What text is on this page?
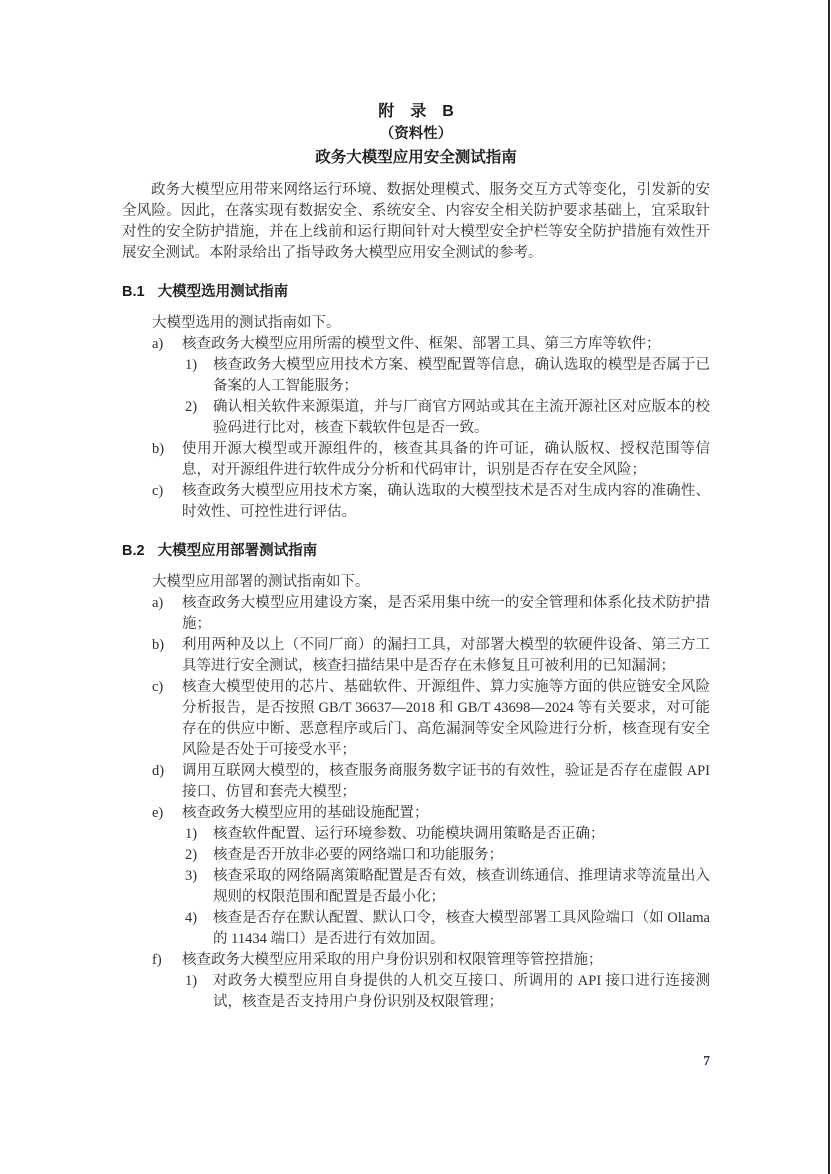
附　录　B
（资料性）
政务大模型应用安全测试指南

政务大模型应用带来网络运行环境、数据处理模式、服务交互方式等变化，引发新的安全风险。因此，在落实现有数据安全、系统安全、内容安全相关防护要求基础上，宜采取针对性的安全防护措施，并在上线前和运行期间针对大模型安全护栏等安全防护措施有效性开展安全测试。本附录给出了指导政务大模型应用安全测试的参考。

B.1 大模型选用测试指南

大模型选用的测试指南如下。

a)	核查政务大模型应用所需的模型文件、框架、部署工具、第三方库等软件；
1)	核查政务大模型应用技术方案、模型配置等信息，确认选取的模型是否属于已备案的人工智能服务；
2)	确认相关软件来源渠道，并与厂商官方网站或其在主流开源社区对应版本的校验码进行比对，核查下载软件包是否一致。
b)	使用开源大模型或开源组件的，核查其具备的许可证，确认版权、授权范围等信息，对开源组件进行软件成分分析和代码审计，识别是否存在安全风险；
c)	核查政务大模型应用技术方案，确认选取的大模型技术是否对生成内容的准确性、时效性、可控性进行评估。
B.2 大模型应用部署测试指南

大模型应用部署的测试指南如下。

a)	核查政务大模型应用建设方案，是否采用集中统一的安全管理和体系化技术防护措施；
b)	利用两种及以上（不同厂商）的漏扫工具，对部署大模型的软硬件设备、第三方工具等进行安全测试，核查扫描结果中是否存在未修复且可被利用的已知漏洞；
c)	核查大模型使用的芯片、基础软件、开源组件、算力实施等方面的供应链安全风险分析报告，是否按照 GB/T 36637—2018 和 GB/T 43698—2024 等有关要求，对可能存在的供应中断、恶意程序或后门、高危漏洞等安全风险进行分析，核查现有安全风险是否处于可接受水平；
d)	调用互联网大模型的，核查服务商服务数字证书的有效性，验证是否存在虚假 API 接口、仿冒和套壳大模型；
e)	核查政务大模型应用的基础设施配置；
1)	核查软件配置、运行环境参数、功能模块调用策略是否正确；
2)	核查是否开放非必要的网络端口和功能服务；
3)	核查采取的网络隔离策略配置是否有效，核查训练通信、推理请求等流量出入规则的权限范围和配置是否最小化；
4)	核查是否存在默认配置、默认口令，核查大模型部署工具风险端口（如 Ollama 的 11434 端口）是否进行有效加固。
f)	核查政务大模型应用采取的用户身份识别和权限管理等管控措施；
1)	对政务大模型应用自身提供的人机交互接口、所调用的 API 接口进行连接测试，核查是否支持用户身份识别及权限管理；
7
